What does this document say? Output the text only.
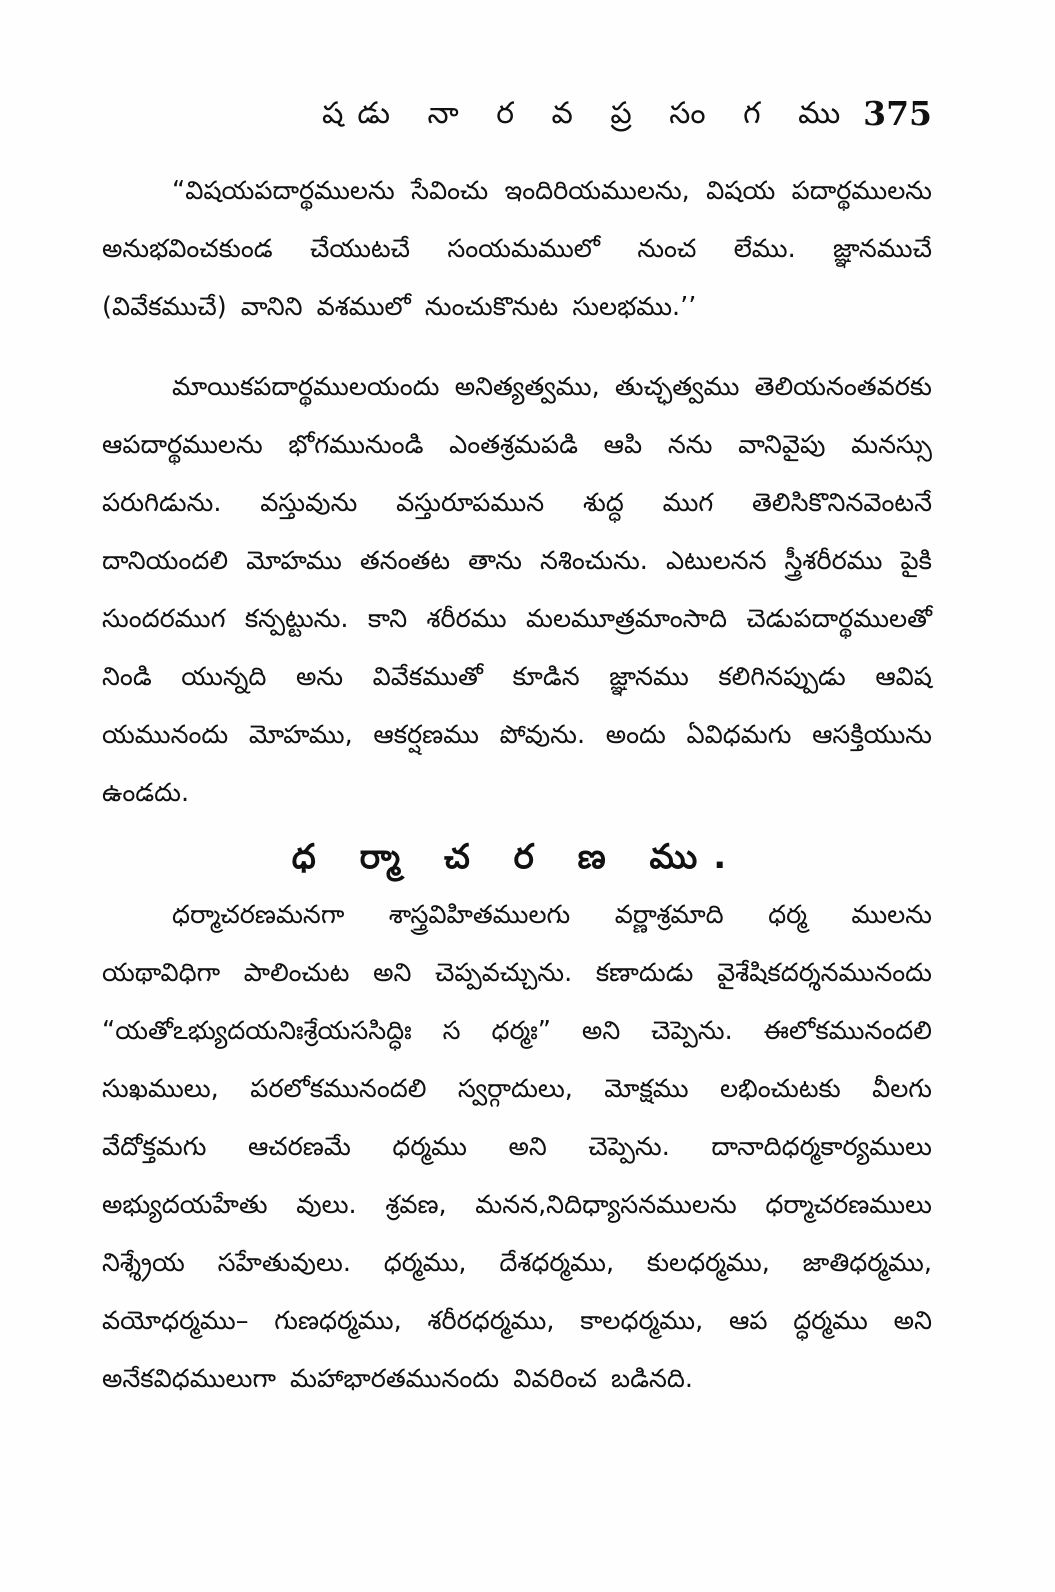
షడు నా ర వ ప్ర సం గ ము 375

“విషయపదార్థములను సేవించు ఇందిరియములను, విషయ పదార్థములను అనుభవించకుండ చేయుటచే సంయమములో నుంచ లేము. జ్ఞానముచే (వివేకముచే) వానిని వశములో నుంచుకొనుట సులభము.’’

మాయికపదార్థములయందు అనిత్యత్వము, తుచ్ఛత్వము తెలియనంతవరకు ఆపదార్థములను భోగమునుండి ఎంతశ్రమపడి ఆపి నను వానివైపు మనస్సు పరుగిడును. వస్తువును వస్తురూపమున శుద్ధ ముగ తెలిసికొనినవెంటనే దానియందలి మోహము తనంతట తాను నశించును. ఎటులనన స్త్రీశరీరము పైకి సుందరముగ కన్పట్టును. కాని శరీరము మలమూత్రమాంసాది చెడుపదార్థములతో నిండి యున్నది అను వివేకముతో కూడిన జ్ఞానము కలిగినప్పుడు ఆవిష యమునందు మోహము, ఆకర్షణము పోవును. అందు ఏవిధమగు ఆసక్తియును ఉండదు.

ధ ర్మా చ ర ణ ము.

ధర్మాచరణమనగా శాస్త్రవిహితములగు వర్ణాశ్రమాది ధర్మ ములను యథావిధిగా పాలించుట అని చెప్పవచ్చును. కణాదుడు వైశేషికదర్శనమునందు “యతోఽభ్యుదయనిఃశ్రేయససిద్ధిః స ధర్మః” అని చెప్పెను. ఈలోకమునందలి సుఖములు, పరలోకమునందలి స్వర్గాదులు, మోక్షము లభించుటకు వీలగు వేదోక్తమగు ఆచరణమే ధర్మము అని చెప్పెను. దానాదిధర్మకార్యములు అభ్యుదయహేతు వులు. శ్రవణ, మనన,నిదిధ్యాసనములను ధర్మాచరణములు నిశ్శ్రేయ సహేతువులు. ధర్మము, దేశధర్మము, కులధర్మము, జాతిధర్మము, వయోధర్మము– గుణధర్మము, శరీరధర్మము, కాలధర్మము, ఆప ద్ధర్మము అని అనేకవిధములుగా మహాభారతమునందు వివరించ బడినది.
